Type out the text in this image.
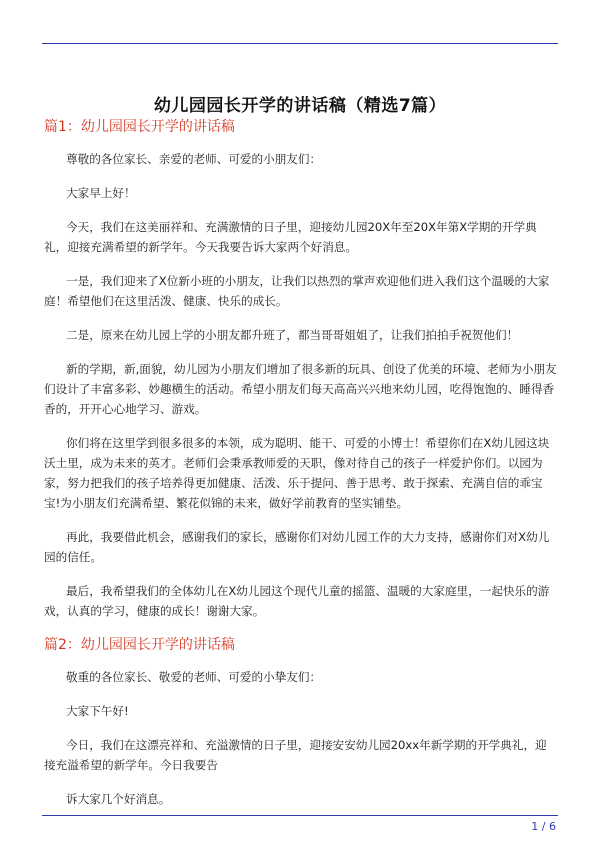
幼儿园园长开学的讲话稿（精选7篇）
篇1：幼儿园园长开学的讲话稿

尊敬的各位家长、亲爱的老师、可爱的小朋友们：

大家早上好！

今天，我们在这美丽祥和、充满激情的日子里，迎接幼儿园20X年至20X年第X学期的开学典礼，迎接充满希望的新学年。今天我要告诉大家两个好消息。

一是，我们迎来了X位新小班的小朋友，让我们以热烈的掌声欢迎他们进入我们这个温暖的大家庭！希望他们在这里活泼、健康、快乐的成长。

二是，原来在幼儿园上学的小朋友都升班了，都当哥哥姐姐了，让我们拍拍手祝贺他们！

新的学期，新,面貌，幼儿园为小朋友们增加了很多新的玩具、创设了优美的环境、老师为小朋友们设计了丰富多彩、妙趣横生的活动。希望小朋友们每天高高兴兴地来幼儿园，吃得饱饱的、睡得香香的，开开心心地学习、游戏。

你们将在这里学到很多很多的本领，成为聪明、能干、可爱的小博士！希望你们在X幼儿园这块沃土里，成为未来的英才。老师们会秉承教师爱的天职，像对待自己的孩子一样爱护你们。以园为家，努力把我们的孩子培养得更加健康、活泼、乐于提问、善于思考、敢于探索、充满自信的乖宝宝!为小朋友们充满希望、繁花似锦的未来，做好学前教育的坚实铺垫。

再此，我要借此机会，感谢我们的家长，感谢你们对幼儿园工作的大力支持，感谢你们对X幼儿园的信任。

最后，我希望我们的全体幼儿在X幼儿园这个现代儿童的摇篮、温暖的大家庭里，一起快乐的游戏，认真的学习，健康的成长！谢谢大家。

篇2：幼儿园园长开学的讲话稿

敬重的各位家长、敬爱的老师、可爱的小挚友们：

大家下午好!

今日，我们在这漂亮祥和、充溢激情的日子里，迎接安安幼儿园20xx年新学期的开学典礼，迎接充溢希望的新学年。今日我要告

诉大家几个好消息。

1 / 6
